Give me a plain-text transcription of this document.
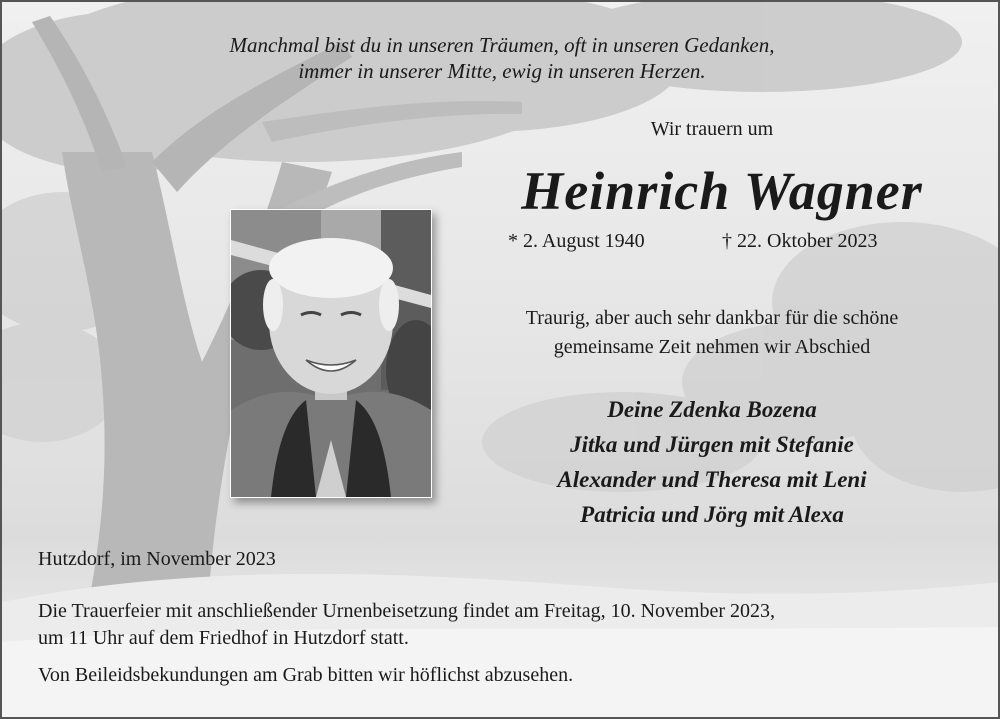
Manchmal bist du in unseren Träumen, oft in unseren Gedanken,
immer in unserer Mitte, ewig in unseren Herzen.
Wir trauern um
Heinrich Wagner
* 2. August 1940	† 22. Oktober 2023
Traurig, aber auch sehr dankbar für die schöne
gemeinsame Zeit nehmen wir Abschied
Deine Zdenka Bozena
Jitka und Jürgen mit Stefanie
Alexander und Theresa mit Leni
Patricia und Jörg mit Alexa
Hutzdorf, im November 2023
Die Trauerfeier mit anschließender Urnenbeisetzung findet am Freitag, 10. November 2023,
um 11 Uhr auf dem Friedhof in Hutzdorf statt.
Von Beileidsbekundungen am Grab bitten wir höflichst abzusehen.
